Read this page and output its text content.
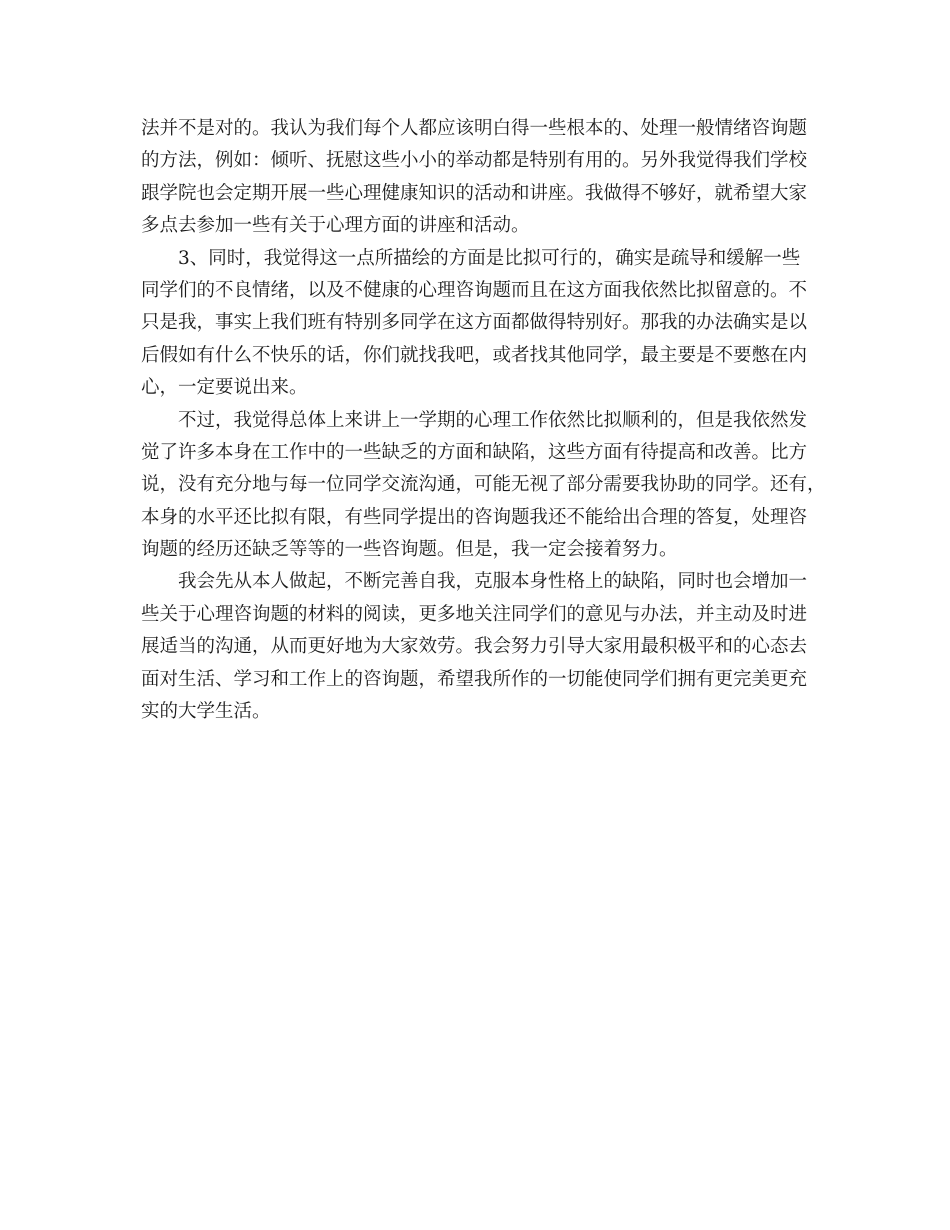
法并不是对的。我认为我们每个人都应该明白得一些根本的、处理一般情绪咨询题
的方法，例如：倾听、抚慰这些小小的举动都是特别有用的。另外我觉得我们学校
跟学院也会定期开展一些心理健康知识的活动和讲座。我做得不够好，就希望大家
多点去参加一些有关于心理方面的讲座和活动。
3、同时，我觉得这一点所描绘的方面是比拟可行的，确实是疏导和缓解一些
同学们的不良情绪，以及不健康的心理咨询题而且在这方面我依然比拟留意的。不
只是我，事实上我们班有特别多同学在这方面都做得特别好。那我的办法确实是以
后假如有什么不快乐的话，你们就找我吧，或者找其他同学，最主要是不要憋在内
心，一定要说出来。
不过，我觉得总体上来讲上一学期的心理工作依然比拟顺利的，但是我依然发
觉了许多本身在工作中的一些缺乏的方面和缺陷，这些方面有待提高和改善。比方
说，没有充分地与每一位同学交流沟通，可能无视了部分需要我协助的同学。还有，
本身的水平还比拟有限，有些同学提出的咨询题我还不能给出合理的答复，处理咨
询题的经历还缺乏等等的一些咨询题。但是，我一定会接着努力。
我会先从本人做起，不断完善自我，克服本身性格上的缺陷，同时也会增加一
些关于心理咨询题的材料的阅读，更多地关注同学们的意见与办法，并主动及时进
展适当的沟通，从而更好地为大家效劳。我会努力引导大家用最积极平和的心态去
面对生活、学习和工作上的咨询题，希望我所作的一切能使同学们拥有更完美更充
实的大学生活。
